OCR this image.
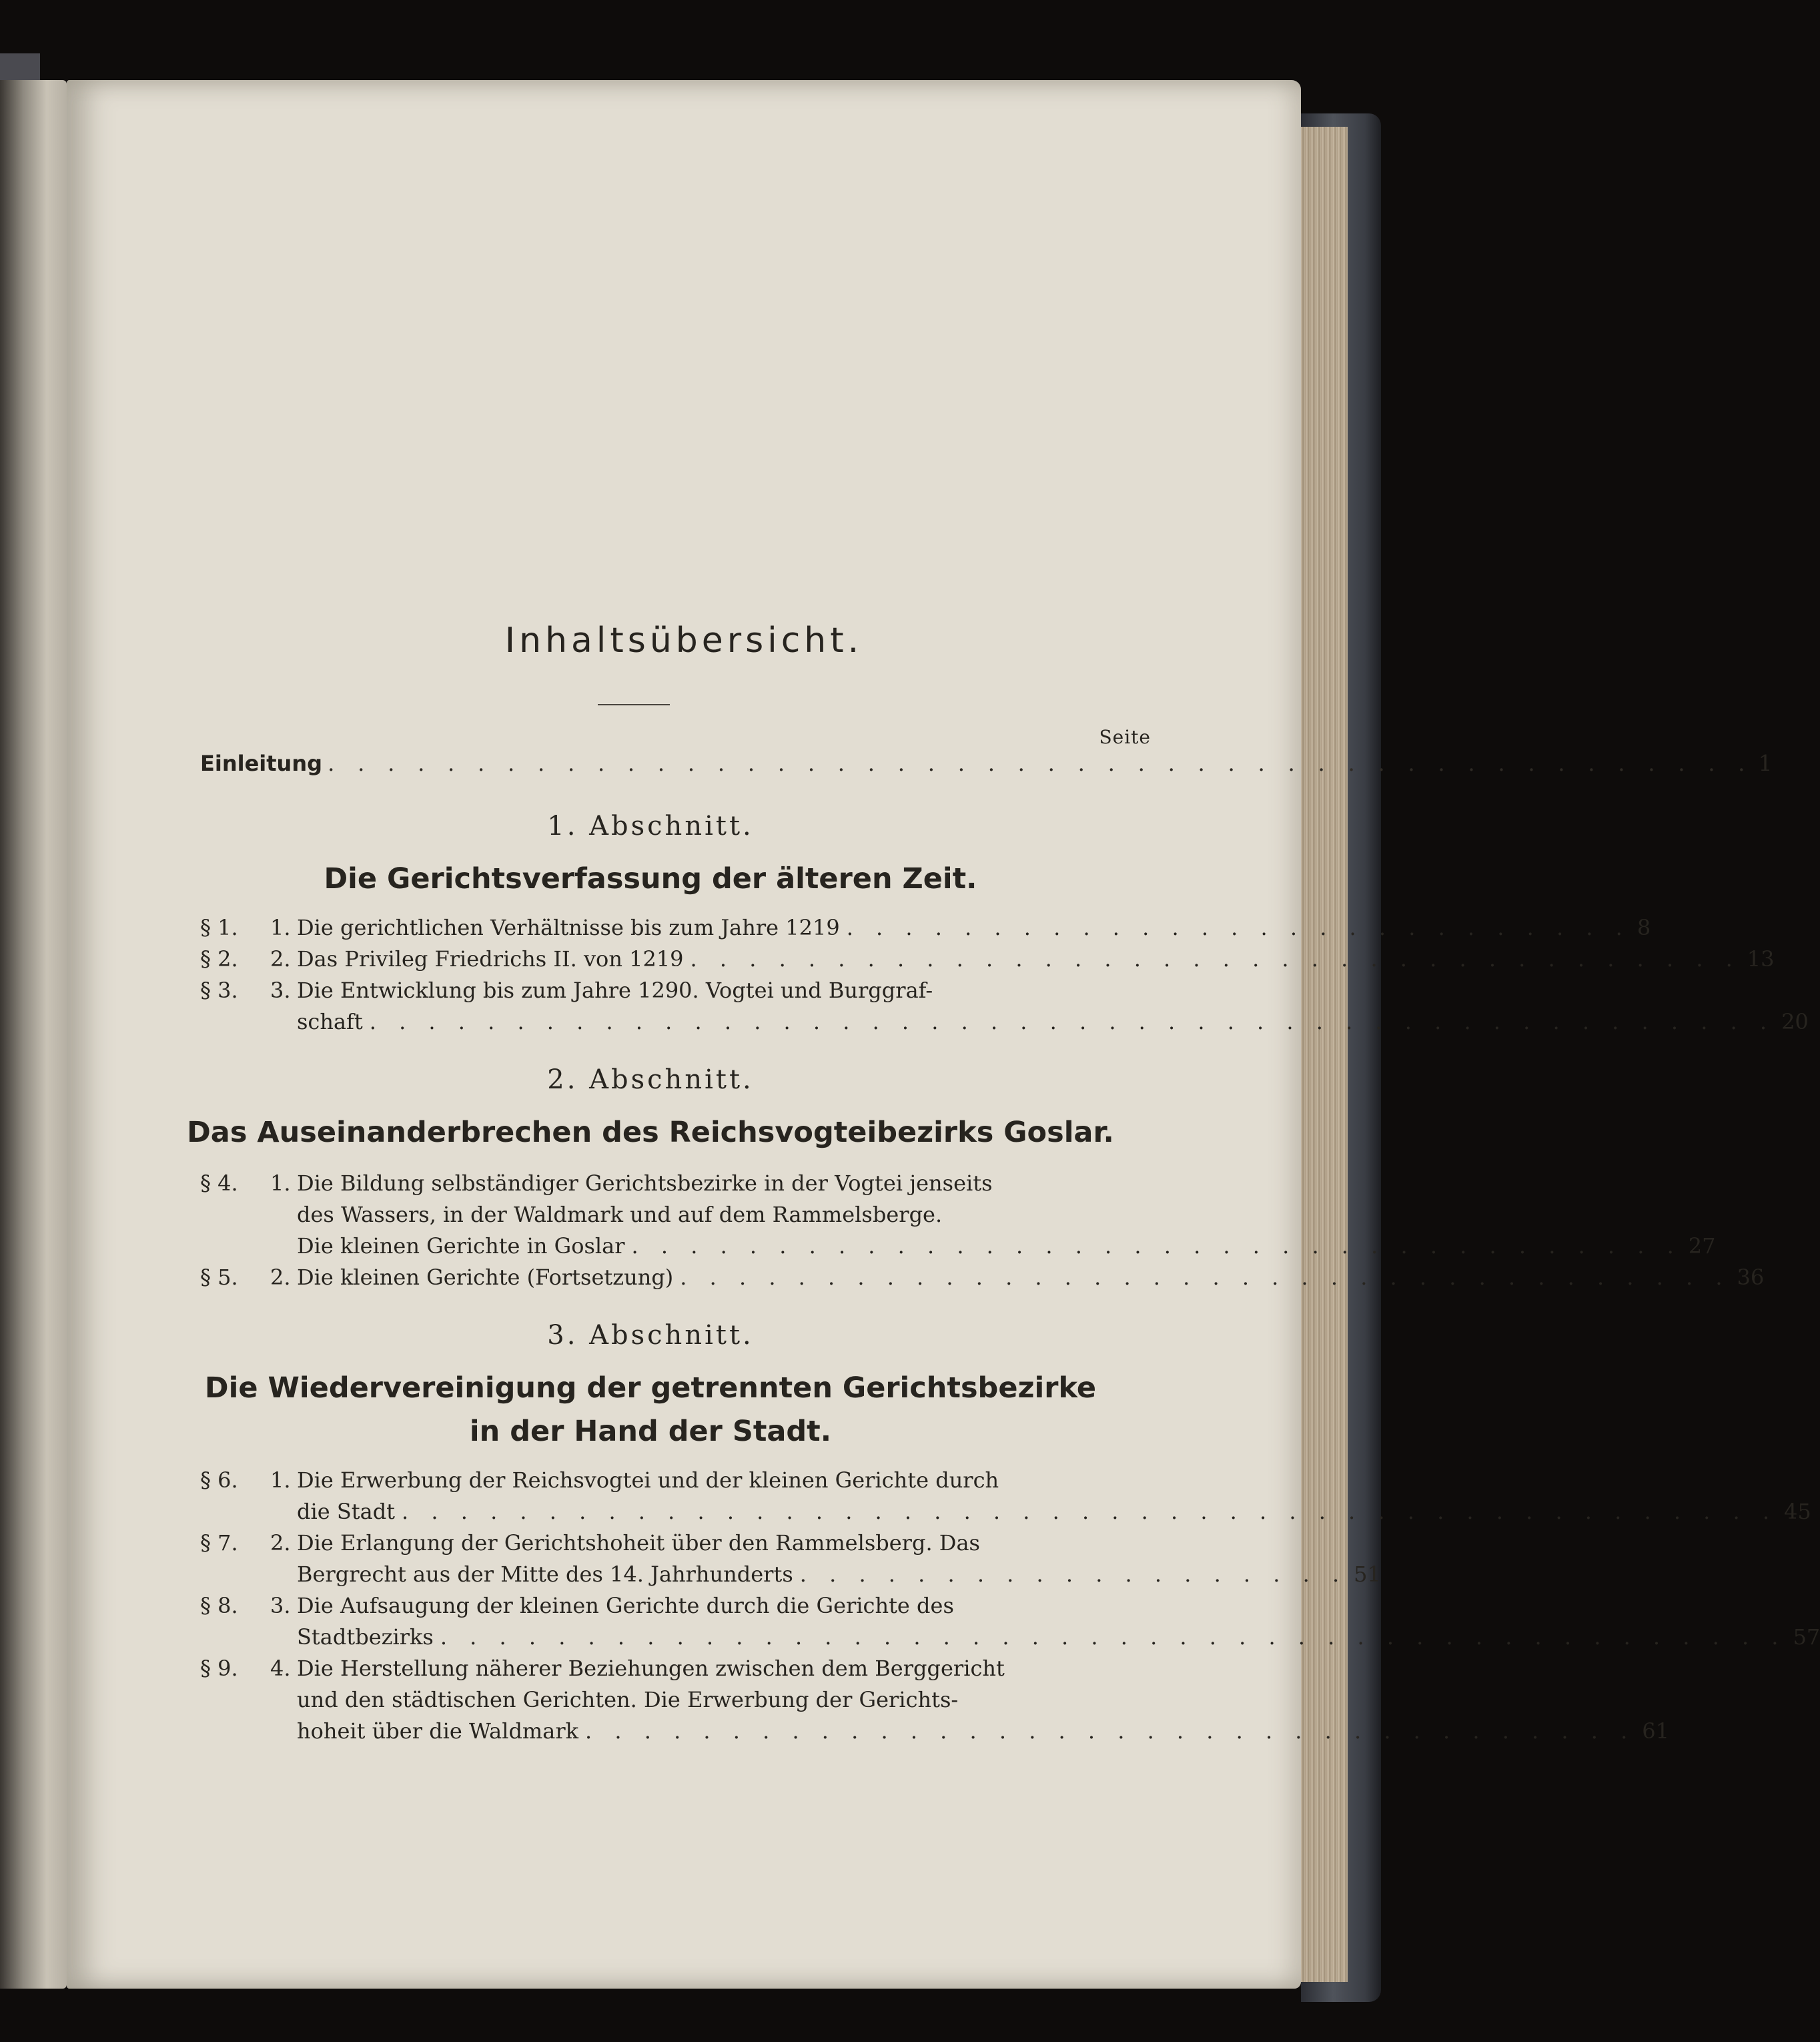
Inhaltsübersicht.
Seite
Einleitung . . . . . . . . . . . . . . . . . . . . . . . . . . . . . . . . . . . . . . . . . . . . . . . . 1
1. Abschnitt.
Die Gerichtsverfassung der älteren Zeit.
§ 1. 1. Die gerichtlichen Verhältnisse bis zum Jahre 1219 . . . . . . . . . . . . . . . . . . . . . . . . . . . 8
§ 2. 2. Das Privileg Friedrichs II. von 1219 . . . . . . . . . . . . . . . . . . . . . . . . . . . . . . . . . . . . 13
§ 3. 3. Die Entwicklung bis zum Jahre 1290. Vogtei und Burggraf-
schaft . . . . . . . . . . . . . . . . . . . . . . . . . . . . . . . . . . . . . . . . . . . . . . . . 20
2. Abschnitt.
Das Auseinanderbrechen des Reichsvogteibezirks Goslar.
§ 4. 1. Die Bildung selbständiger Gerichtsbezirke in der Vogtei jenseits
des Wassers, in der Waldmark und auf dem Rammelsberge.
Die kleinen Gerichte in Goslar . . . . . . . . . . . . . . . . . . . . . . . . . . . . . . . . . . . . 27
§ 5. 2. Die kleinen Gerichte (Fortsetzung) . . . . . . . . . . . . . . . . . . . . . . . . . . . . . . . . . . . . 36
3. Abschnitt.
Die Wiedervereinigung der getrennten Gerichtsbezirke
in der Hand der Stadt.
§ 6. 1. Die Erwerbung der Reichsvogtei und der kleinen Gerichte durch
die Stadt . . . . . . . . . . . . . . . . . . . . . . . . . . . . . . . . . . . . . . . . . . . . . . . 45
§ 7. 2. Die Erlangung der Gerichtshoheit über den Rammelsberg. Das
Bergrecht aus der Mitte des 14. Jahrhunderts . . . . . . . . . . . . . . . . . . . 51
§ 8. 3. Die Aufsaugung der kleinen Gerichte durch die Gerichte des
Stadtbezirks . . . . . . . . . . . . . . . . . . . . . . . . . . . . . . . . . . . . . . . . . . . . . . 57
§ 9. 4. Die Herstellung näherer Beziehungen zwischen dem Berggericht
und den städtischen Gerichten. Die Erwerbung der Gerichts-
hoheit über die Waldmark . . . . . . . . . . . . . . . . . . . . . . . . . . . . . . . . . . . . 61
